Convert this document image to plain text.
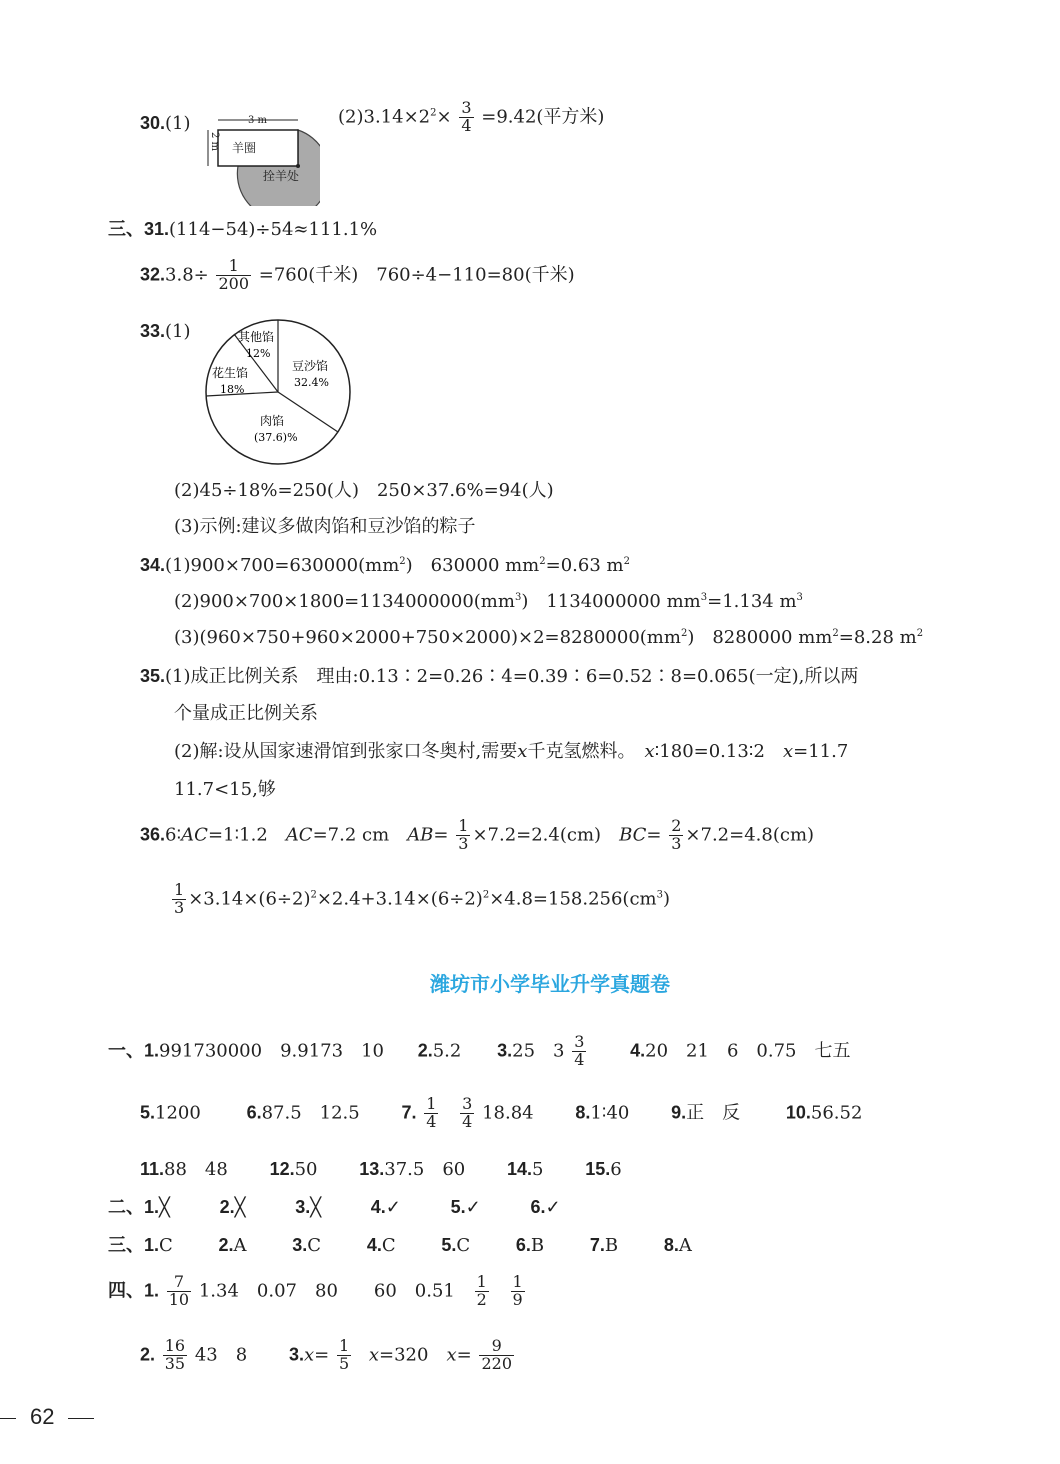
30.(1)	3 m
羊圈
拴羊处
2 m
$(2)3.14\times 2^2\times \frac{3}{4} =9.42$(平方米)
三、31.(114−54)÷54≈111.1%
$32.3.8\div \frac{1}{200} =760$(千米)　760÷4−110=80(千米)
33.(1)	其他馅
12%
豆沙馅
32.4%
花生馅
18%
肉馅
(37.6)%
(2)45÷18%=250(人)　250×37.6%=94(人)
(3)示例:建议多做肉馅和豆沙馅的粽子
$34.(1)900\times 700=630000(mm^2)$　630000 $mm^2=0.63$ $m^2$
$(2)900\times 700\times 1800=1134000000(mm^3)$　1134000000 $mm^3=1.134$ $m^3$
$(3)(960\times 750+960\times 2000+750\times 2000)\times 2=8280000(mm^2)$　8280000 $mm^2=8.28$ $m^2$
35.(1)成正比例关系　理由:0.13∶2=0.26∶4=0.39∶6=0.52∶8=0.065(一定),所以两
个量成正比例关系
(2)解:设从国家速滑馆到张家口冬奥村,需要x千克氢燃料。　x∶180=0.13∶2　x=11.7
11.7<15,够
36.6∶AC=1∶1.2　AC=7.2 cm　$AB= \frac{1}{3} \times 7.2=2.4(cm)$　$BC= \frac{2}{3} \times 7.2=4.8(cm)$
$\frac{1}{3} \times 3.14\times(6\div 2)^2\times 2.4+3.14\times(6\div 2)^2\times 4.8=158.256(cm^3)$
潍坊市小学毕业升学真题卷
一、1.991730000　9.9173　10 2.5.2 3.25　$3 \frac{3}{4} 4.20$　21　6　0.75　七五
5.1200	6.87.5　12.5 7. $\frac{1}{4}$
$\frac{3}{4} 18.84$ 8.1∶40 9.正　反	10.56.52
11.88　48 12.50 13.37.5　60 14.5 15.6
二、1.╳	2.╳	3.╳	4.✓	5.✓	6.✓
三、1.C	2.A	3.C	4.C	5.C	6.B	7.B	8.A
四、1. $\frac{7}{10} 1.34$　0.07　80　　60　$0.51 \frac{1}{2}$
$\frac{1}{9}$
2. $\frac{16}{35} 43$　8 $3.x= \frac{1}{5} x=320$　$x= \frac{9}{220}$
62
